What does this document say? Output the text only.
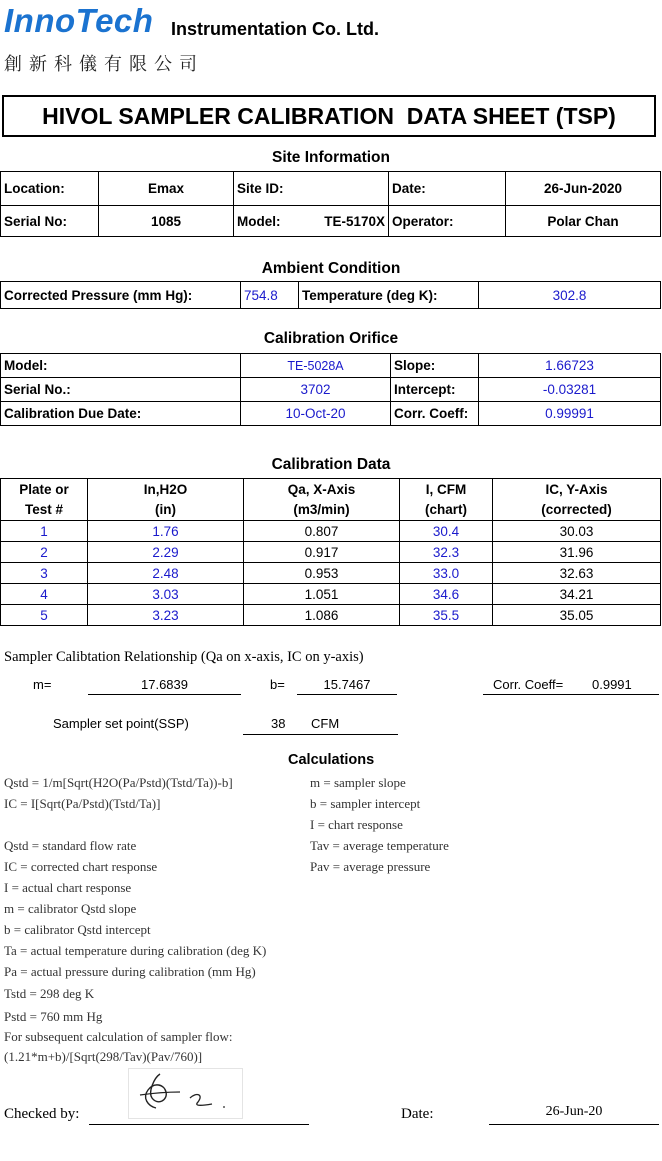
InnoTech Instrumentation Co. Ltd.
創新科儀有限公司
HIVOL SAMPLER CALIBRATION  DATA SHEET (TSP)
Site Information
Location:	Emax	Site ID:		Date:	26-Jun-2020
Serial No:	1085	Model:	TE-5170X	Operator:	Polar Chan
Ambient Condition
Corrected Pressure (mm Hg):	754.8	Temperature (deg K):	302.8
Calibration Orifice
Model:	TE-5028A	Slope:	1.66723
Serial No.:	3702	Intercept:	-0.03281
Calibration Due Date:	10-Oct-20	Corr. Coeff:	0.99991
Calibration Data
Plate or	In,H2O	Qa, X-Axis	I, CFM	IC, Y-Axis
Test #	(in)	(m3/min)	(chart)	(corrected)
1	1.76	0.807	30.4	30.03
2	2.29	0.917	32.3	31.96
3	2.48	0.953	33.0	32.63
4	3.03	1.051	34.6	34.21
5	3.23	1.086	35.5	35.05
Sampler Calibtation Relationship (Qa on x-axis, IC on y-axis)
m=	17.6839	b=	15.7467	Corr. Coeff= 0.9991
Sampler set point(SSP)	38 CFM
Calculations
Qstd = 1/m[Sqrt(H2O(Pa/Pstd)(Tstd/Ta))-b]
IC = I[Sqrt(Pa/Pstd)(Tstd/Ta)]
Qstd = standard flow rate
IC = corrected chart response
I = actual chart response
m = calibrator Qstd slope
b = calibrator Qstd intercept
Ta = actual temperature during calibration (deg K)
Pa = actual pressure during calibration (mm Hg)
Tstd = 298 deg K
Pstd = 760 mm Hg
For subsequent calculation of sampler flow:
(1.21*m+b)/[Sqrt(298/Tav)(Pav/760)]
m = sampler slope
b = sampler intercept
I = chart response
Tav = average temperature
Pav = average pressure
Checked by:	Date:	26-Jun-20
